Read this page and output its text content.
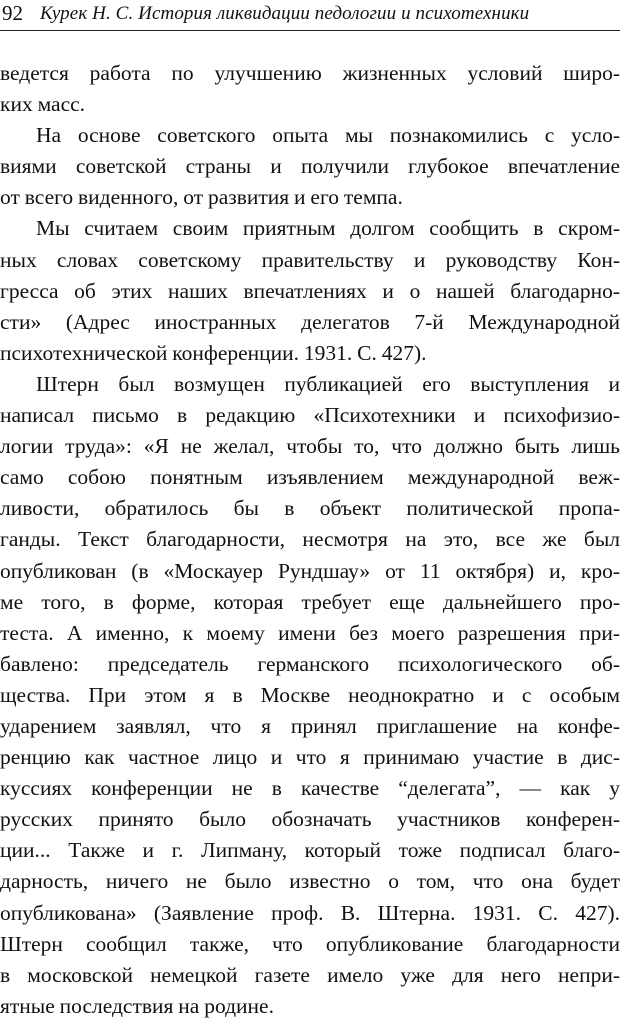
92 Курек Н. С. История ликвидации педологии и психотехники
ведется работа по улучшению жизненных условий широ-
ких масс.
На основе советского опыта мы познакомились с усло-
виями советской страны и получили глубокое впечатление
от всего виденного, от развития и его темпа.
Мы считаем своим приятным долгом сообщить в скром-
ных словах советскому правительству и руководству Кон-
гресса об этих наших впечатлениях и о нашей благодарно-
сти» (Адрес иностранных делегатов 7-й Международной
психотехнической конференции. 1931. С. 427).
Штерн был возмущен публикацией его выступления и
написал письмо в редакцию «Психотехники и психофизио-
логии труда»: «Я не желал, чтобы то, что должно быть лишь
само собою понятным изъявлением международной веж-
ливости, обратилось бы в объект политической пропа-
ганды. Текст благодарности, несмотря на это, все же был
опубликован (в «Москауер Рундшау» от 11 октября) и, кро-
ме того, в форме, которая требует еще дальнейшего про-
теста. А именно, к моему имени без моего разрешения при-
бавлено: председатель германского психологического об-
щества. При этом я в Москве неоднократно и с особым
ударением заявлял, что я принял приглашение на конфе-
ренцию как частное лицо и что я принимаю участие в дис-
куссиях конференции не в качестве “делегата”, — как у
русских принято было обозначать участников конферен-
ции... Также и г. Липману, который тоже подписал благо-
дарность, ничего не было известно о том, что она будет
опубликована» (Заявление проф. В. Штерна. 1931. С. 427).
Штерн сообщил также, что опубликование благодарности
в московской немецкой газете имело уже для него непри-
ятные последствия на родине.
